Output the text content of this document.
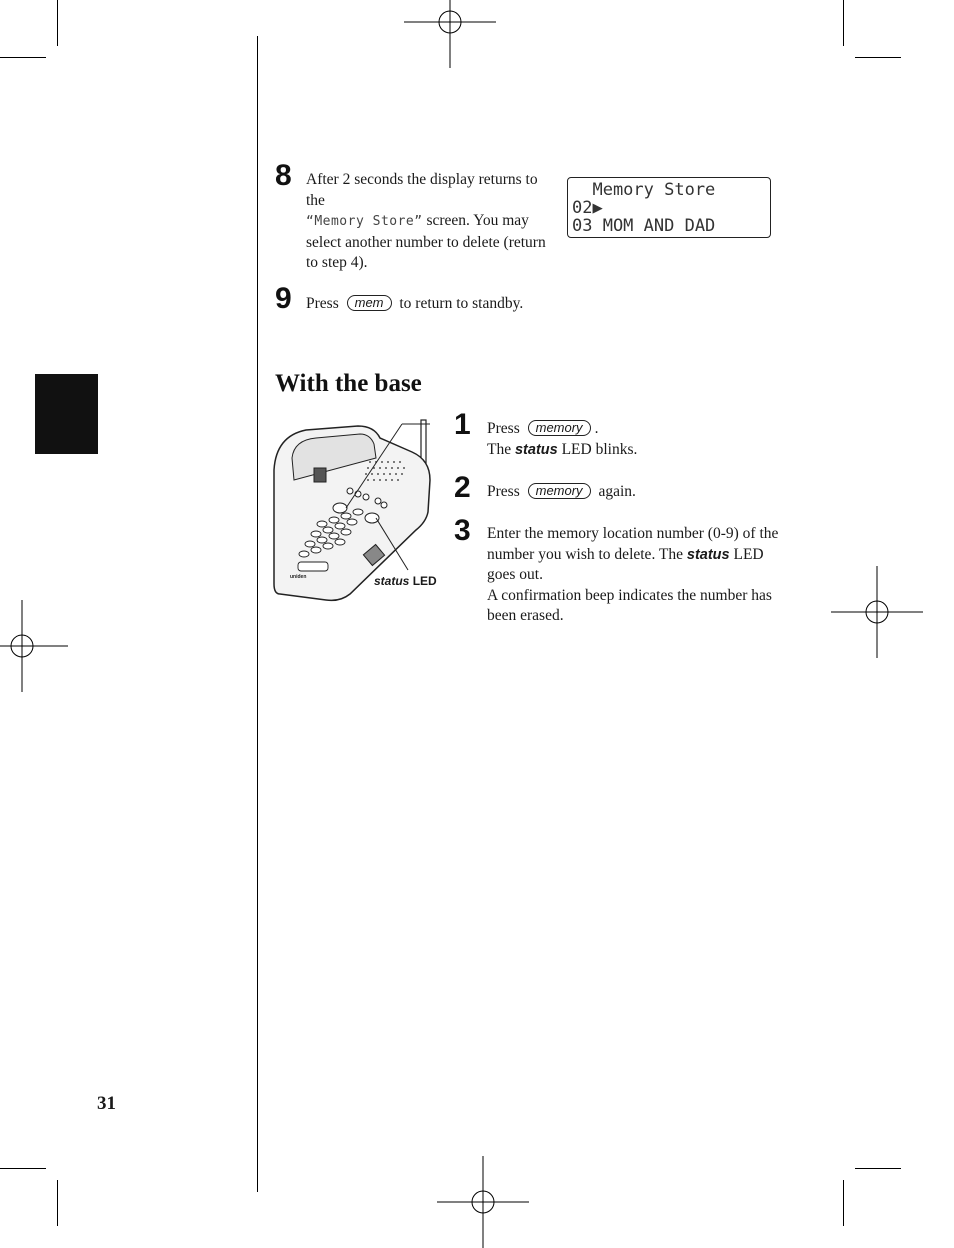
8 After 2 seconds the display returns to the
“Memory Store” screen. You may select another number to delete (return to step 4).
Memory Store
02▶
03 MOM AND DAD
9 Press mem to return to standby.
With the base
uniden	status LED
1 Press memory .
The status LED blinks.
2 Press memory again.
3 Enter the memory location number (0-9) of the number you wish to delete. The status LED goes out.
A confirmation beep indicates the number has been erased.
31
